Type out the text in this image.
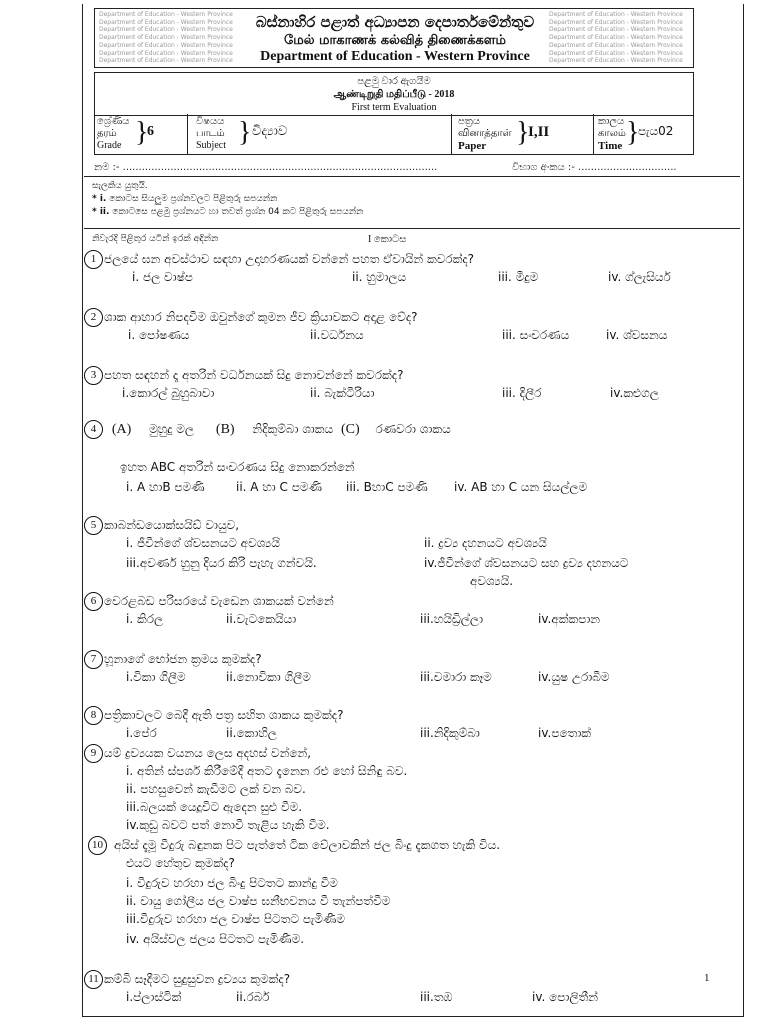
Department of Education - Western Province
Department of Education - Western Province
Department of Education - Western Province
Department of Education - Western Province
Department of Education - Western Province
Department of Education - Western Province
Department of Education - Western Province
Department of Education - Western Province
Department of Education - Western Province
Department of Education - Western Province
Department of Education - Western Province
Department of Education - Western Province
Department of Education - Western Province
Department of Education - Western Province
බස්නාහිර පළාත් අධ්‍යාපන දෙපාර්තමේන්තුව
மேல் மாகாணக் கல்வித் திணைக்களம்
Department of Education - Western Province
පළමු වාර ඇගයීම
ஆண்டிறுதி மதிப்பீடு - 2018
First term Evaluation
ශ්‍රේණිය
தரம்
Grade }
6
විෂයය
பாடம்
Subject } විද්‍යාව
පත්‍රය
வினாத்தாள்
Paper	}
I,II
කාලය
காலம்
Time }
පැය02
නම :- ...................................................................................................	විභාග අංකය :- ...............................
සැලකිය යුතුයි.
* i. කොටස සියලුම ප්‍රශ්නවලට පිළිතුරු සපයන්න
* ii. කොටසෙ පළමු ප්‍රශ්නයට හා තවත් ප්‍රශ්න 04 කට පිළිතුරු සපයන්න
නිවැරදි පිළිතුර යටින් ඉරක් අඳින්න	I කොටස
1 ජලයේ ඝන අවස්ථාව සඳහා උදාහරණයක් වන්නේ පහත ඒවායින් කවරක්ද?
i. ජල වාෂ්ප	ii. හුමාලය	iii. මීදුම	iv. ග්ලැසියර්
2 ශාක ආහාර නිපදවීම ඔවුන්ගේ කුමන ජීව ක්‍රියාවකට අදාළ වේද?
i. පෝෂණය	ii.වර්ධනය	iii. සංචරණය	iv. ශ්වසනය
3 පහත සඳහන් දෑ අතරින් වර්ධනයක් සිදු නොවන්නේ කවරක්ද?
i.කොරල් බුහුබාවා	ii. බැක්ටීරියා	iii. දිලීර	iv.කළුගල
4 (A) මුහුදු මල (B) නිදිකුම්බා ශාකය (C) රණවරා ශාකය
ඉහත ABC අතරින් සංචරණය සිදු නොකරන්නේ
i. A හාB පමණි	ii. A හා C පමණි iii. BහාC පමණි iv. AB හා C යන සියල්ලම
5 කාබන්ඩයොක්සයිඩ් වායුව,
i. ජීවීන්ගේ ශ්වසනයට අවශ්‍යයි	ii. ද්‍රව්‍ය දහනයට අවශ්‍යයි
iii.අවර්ණ හුනු දියර කිරි පැහැ ගන්වයි.	iv.ජීවීන්ගේ ශ්වසනයට සහ ද්‍රව්‍ය දහනයට
අවශ්‍යයි.
6 වෙරළබඩ පරිසරයේ වැඩෙන ශාකයක් වන්නේ
i. කිරල	ii.වැටකෙයියා	iii.හයිඩ්‍රිල්ලා	iv.අක්කපාන
7 හූනාගේ භෝජන ක්‍රමය කුමක්ද?
i.විකා ගිලීම	ii.නොවිකා ගිලීම	iii.චමාරා කෑම	iv.යුෂ උරාබීම
8 පත්‍රිකාවලට බෙදී ඇති පත්‍ර සහිත ශාකය කුමක්ද?
i.පේර	ii.කොහිල	iii.නිදිකුම්බා	iv.පතොක්
9 යම් ද්‍රව්‍යයක වයනය ලෙස අදහස් වන්නේ,
i. අතින් ස්පර්ශ කිරීමේදී අතට දැනෙන රළු හෝ සිනිඳු බව.
ii. පහසුවෙන් කැඩීමට ලක් වන බව.
iii.බලයක් යෙදූවිට ඇදෙන සුළු වීම.
iv.කුඩු බවට පත් නොවී තැළිය හැකි වීම.
10 අයිස් දැමූ වීදුරු බඳුනක පිට පැත්තේ ටික වේලාවකින් ජල බිංදු දැකගත හැකි විය.
එයට හේතුව කුමක්ද?
i. වීදුරුව හරහා ජල බිංදු පිටතට කාන්දු වීම
ii. වායු ගෝලීය ජල වාෂ්ප ඝනීභවනය වී තැන්පත්වීම
iii.වීදුරුව හරහා ජල වාෂ්ප පිටතට පැමිණීම
iv. අයිස්වල ජලය පිටතට පැමිණීම.
11 කම්බි සෑදීමට සුදුසුවන ද්‍රව්‍යය කුමක්ද?
i.ප්ලාස්ටික්	ii.රබර්	iii.තඹ	iv. පොලිතීන්
1
